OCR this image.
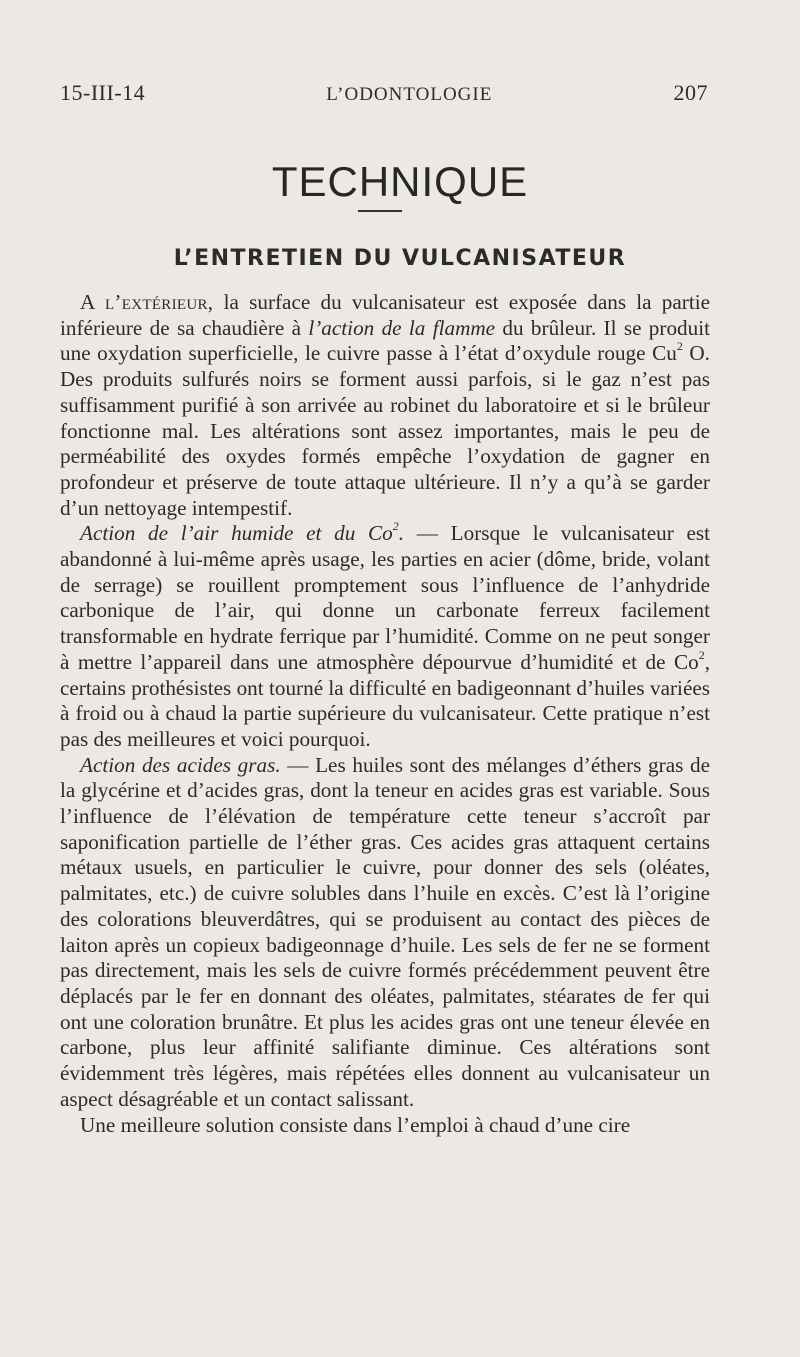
15-III-14	L’ODONTOLOGIE	207
TECHNIQUE
L’ENTRETIEN DU VULCANISATEUR

A l’extérieur, la surface du vulcanisateur est exposée dans la partie inférieure de sa chaudière à l’action de la flamme du brûleur. Il se produit une oxydation superficielle, le cuivre passe à l’état d’oxydule rouge Cu$^2$ O. Des produits sulfurés noirs se forment aussi parfois, si le gaz n’est pas suffisamment purifié à son arrivée au robinet du laboratoire et si le brûleur fonctionne mal. Les altérations sont assez importantes, mais le peu de perméabilité des oxydes formés empêche l’oxydation de gagner en profondeur et préserve de toute attaque ultérieure. Il n’y a qu’à se garder d’un nettoyage intempestif.

Action de l’air humide et du Co$^2$. — Lorsque le vulcanisateur est abandonné à lui-même après usage, les parties en acier (dôme, bride, volant de serrage) se rouillent promptement sous l’influence de l’anhydride carbonique de l’air, qui donne un carbonate ferreux facilement transformable en hydrate ferrique par l’humidité. Comme on ne peut songer à mettre l’appareil dans une atmosphère dépourvue d’humidité et de Co$^2$, certains prothésistes ont tourné la difficulté en badigeonnant d’huiles variées à froid ou à chaud la partie supérieure du vulcanisateur. Cette pratique n’est pas des meilleures et voici pourquoi.

Action des acides gras. — Les huiles sont des mélanges d’éthers gras de la glycérine et d’acides gras, dont la teneur en acides gras est variable. Sous l’influence de l’élévation de température cette teneur s’accroît par saponification partielle de l’éther gras. Ces acides gras attaquent certains métaux usuels, en particulier le cuivre, pour donner des sels (oléates, palmitates, etc.) de cuivre solubles dans l’huile en excès. C’est là l’origine des colorations bleuverdâtres, qui se produisent au contact des pièces de laiton après un copieux badigeonnage d’huile. Les sels de fer ne se forment pas directement, mais les sels de cuivre formés précédemment peuvent être déplacés par le fer en donnant des oléates, palmitates, stéarates de fer qui ont une coloration brunâtre. Et plus les acides gras ont une teneur élevée en carbone, plus leur affinité salifiante diminue. Ces altérations sont évidemment très légères, mais répétées elles donnent au vulcanisateur un aspect désagréable et un contact salissant.

Une meilleure solution consiste dans l’emploi à chaud d’une cire
